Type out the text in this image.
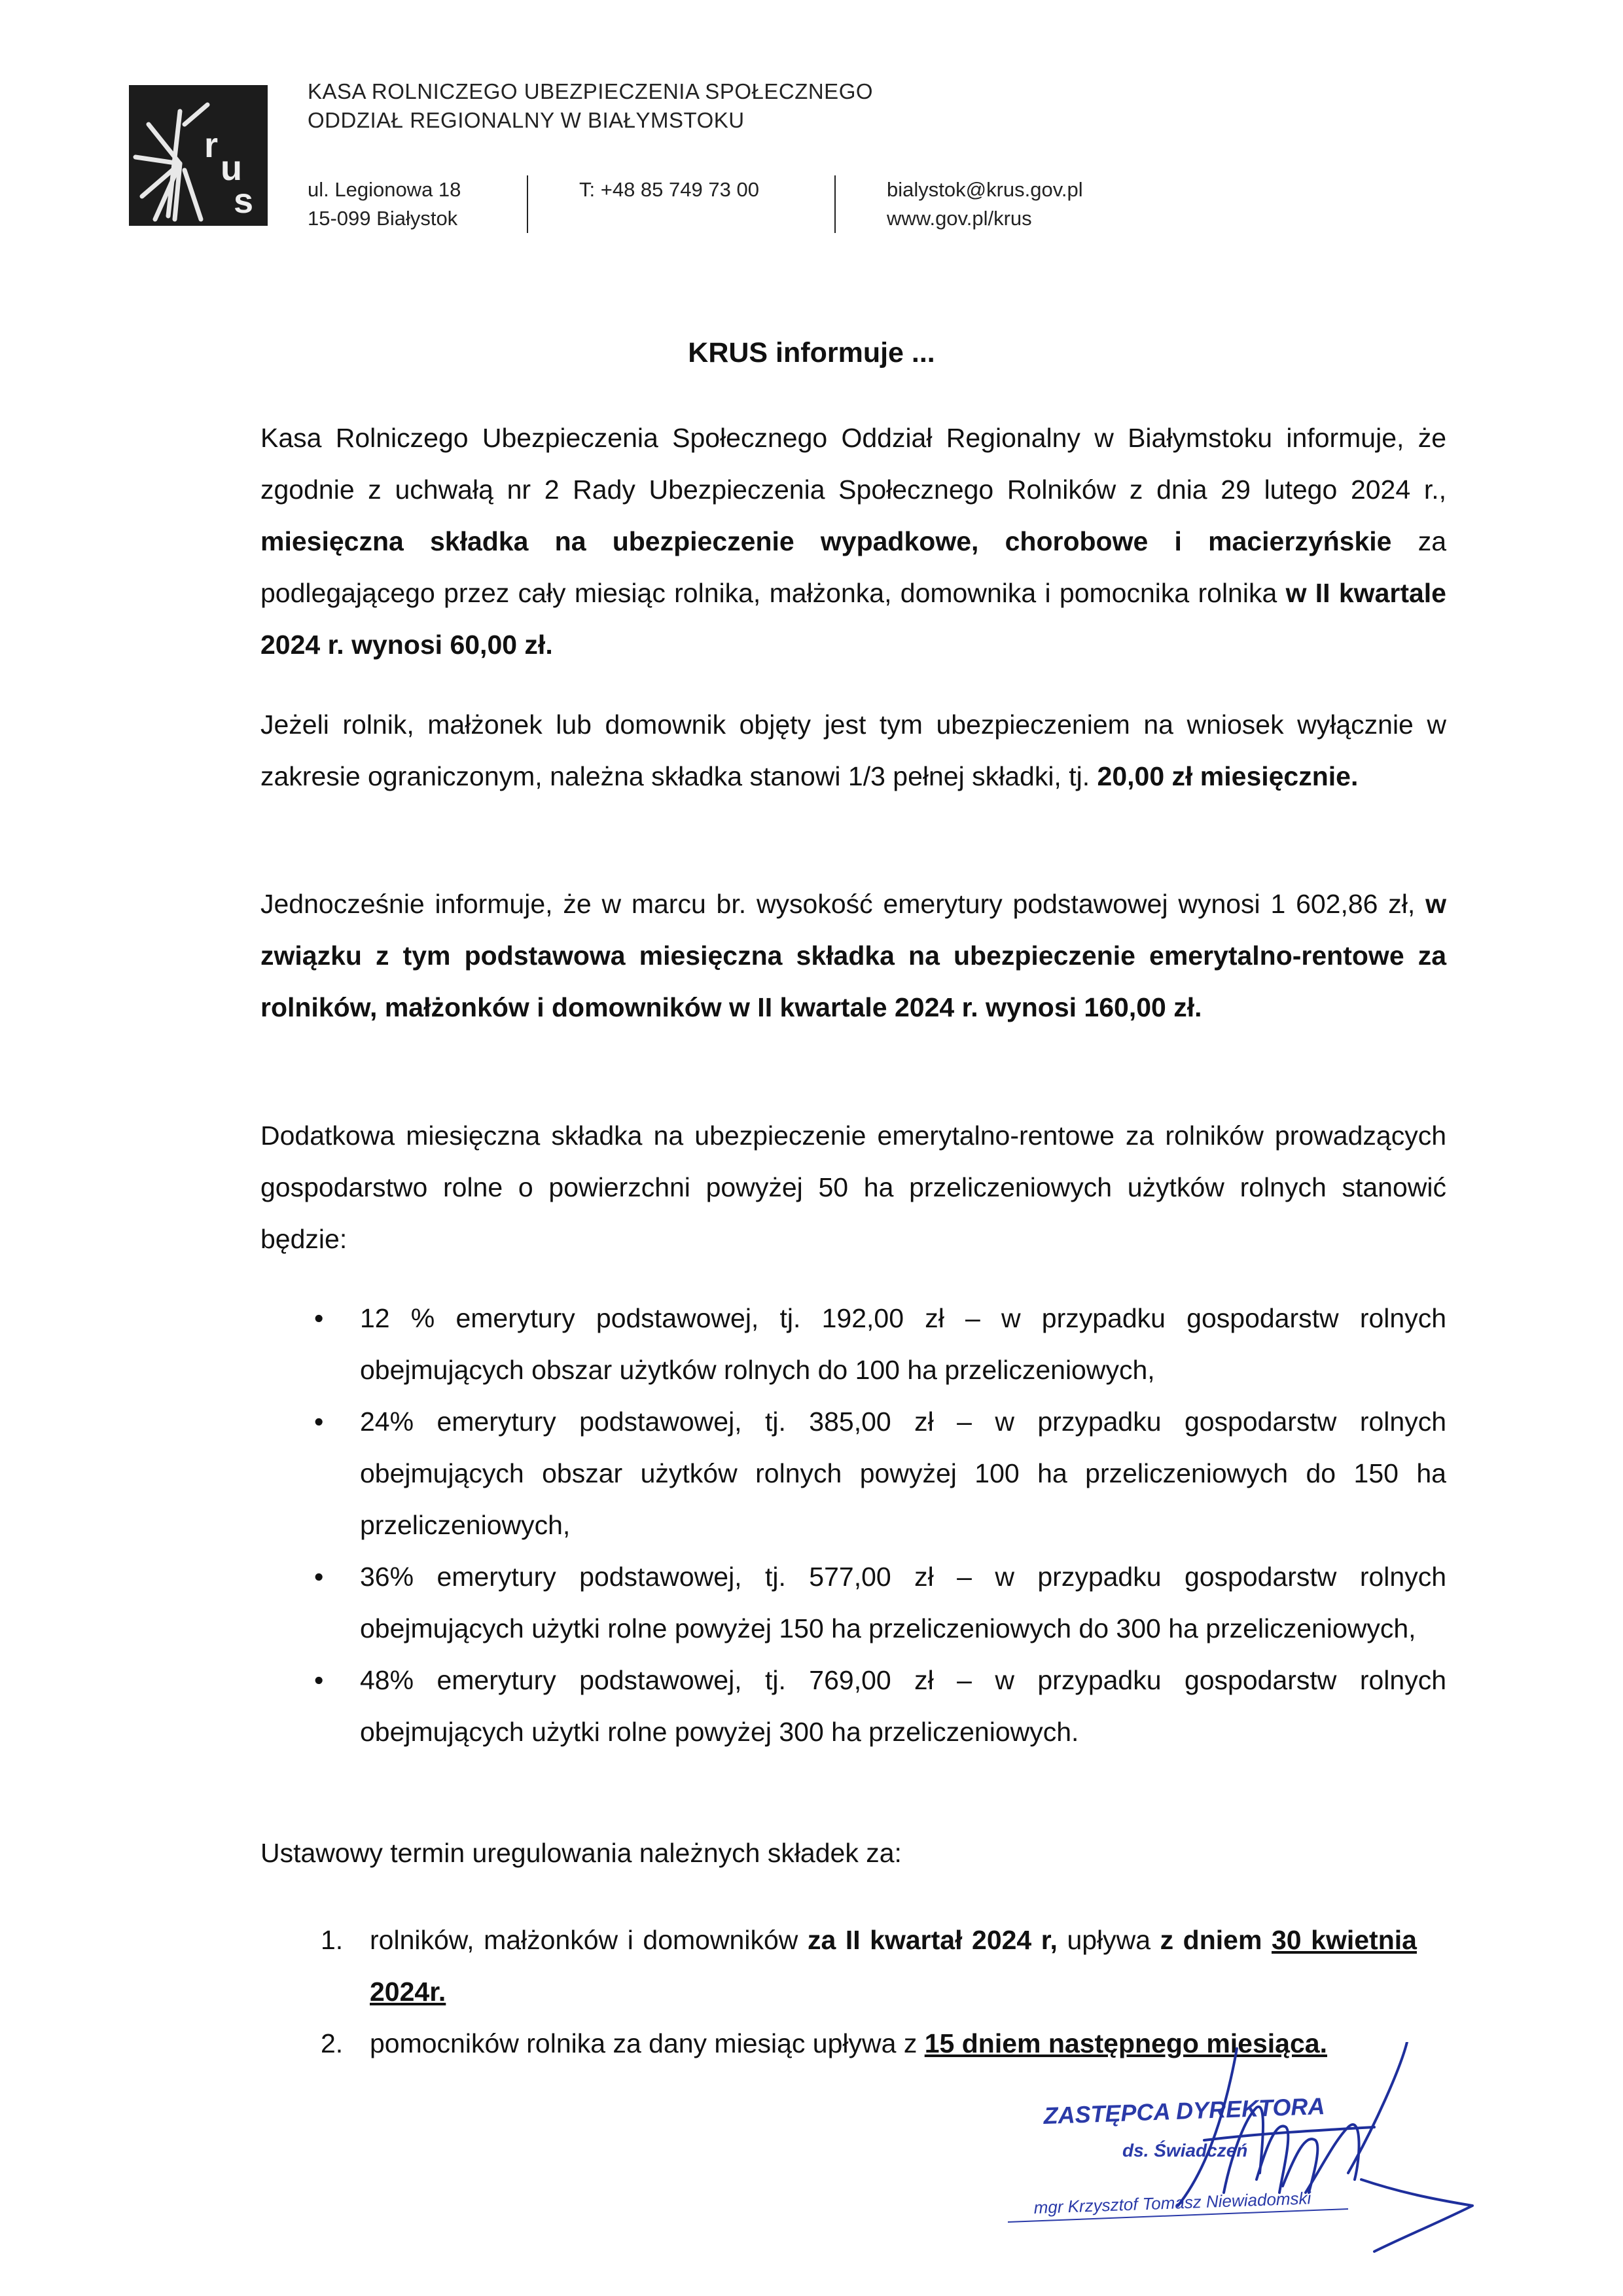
r
u
s
KASA ROLNICZEGO UBEZPIECZENIA SPOŁECZNEGO
ODDZIAŁ REGIONALNY W BIAŁYMSTOKU
ul. Legionowa 18
15-099 Białystok
T: +48 85 749 73 00	bialystok@krus.gov.pl
www.gov.pl/krus
KRUS informuje ...
Kasa Rolniczego Ubezpieczenia Społecznego Oddział Regionalny w Białymstoku informuje, że zgodnie z uchwałą nr 2 Rady Ubezpieczenia Społecznego Rolników z dnia 29 lutego 2024 r., miesięczna składka na ubezpieczenie wypadkowe, chorobowe i macierzyńskie za podlegającego przez cały miesiąc rolnika, małżonka, domownika i pomocnika rolnika w II kwartale 2024 r. wynosi 60,00 zł.
Jeżeli rolnik, małżonek lub domownik objęty jest tym ubezpieczeniem na wniosek wyłącznie w zakresie ograniczonym, należna składka stanowi 1/3 pełnej składki, tj. 20,00 zł miesięcznie.
Jednocześnie informuje, że w marcu br. wysokość emerytury podstawowej wynosi 1 602,86 zł, w związku z tym podstawowa miesięczna składka na ubezpieczenie emerytalno-rentowe za rolników, małżonków i domowników w II kwartale 2024 r. wynosi 160,00 zł.
Dodatkowa miesięczna składka na ubezpieczenie emerytalno-rentowe za rolników prowadzących gospodarstwo rolne o powierzchni powyżej 50 ha przeliczeniowych użytków rolnych stanowić będzie:
• 12 % emerytury podstawowej, tj. 192,00 zł – w przypadku gospodarstw rolnych obejmujących obszar użytków rolnych do 100 ha przeliczeniowych,
• 24% emerytury podstawowej, tj. 385,00 zł – w przypadku gospodarstw rolnych obejmujących obszar użytków rolnych powyżej 100 ha przeliczeniowych do 150 ha przeliczeniowych,
• 36% emerytury podstawowej, tj. 577,00 zł – w przypadku gospodarstw rolnych obejmujących użytki rolne powyżej 150 ha przeliczeniowych do 300 ha przeliczeniowych,
• 48% emerytury podstawowej, tj. 769,00 zł – w przypadku gospodarstw rolnych obejmujących użytki rolne powyżej 300 ha przeliczeniowych.
Ustawowy termin uregulowania należnych składek za:
1. rolników, małżonków i domowników za II kwartał 2024 r, upływa z dniem 30 kwietnia 2024r.
2. pomocników rolnika za dany miesiąc upływa z 15 dniem następnego miesiąca.
ZASTĘPCA DYREKTORA
ds. Świadczeń
mgr Krzysztof Tomasz Niewiadomski
